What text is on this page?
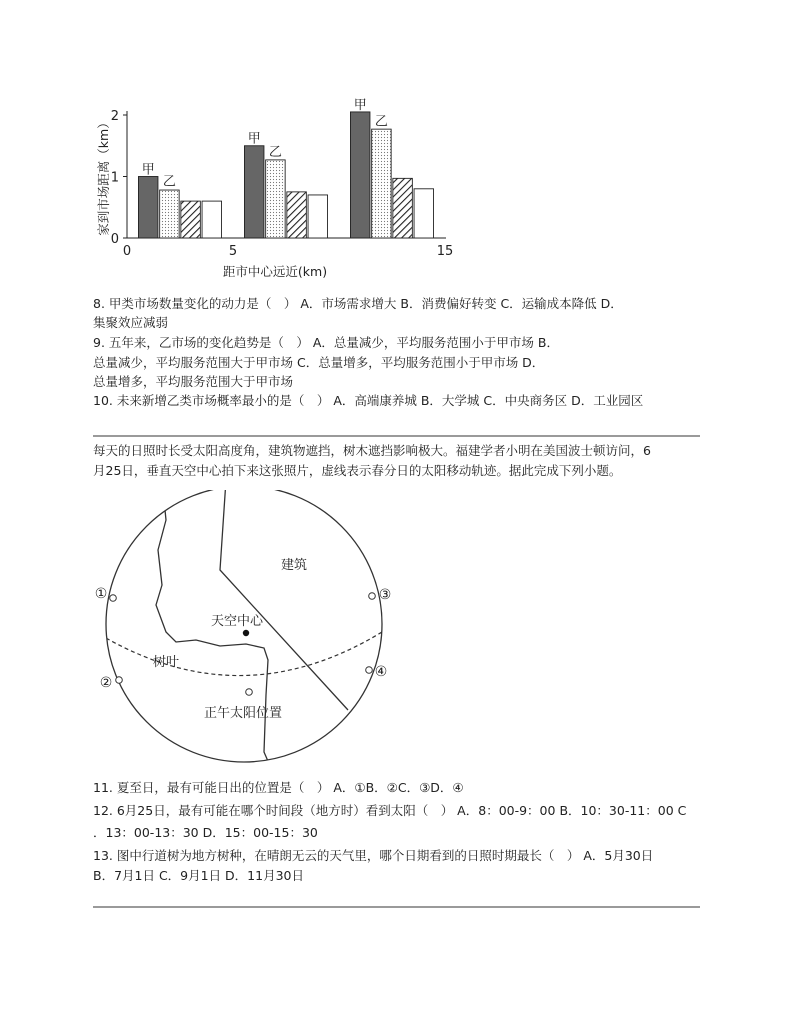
家到市场距离（km）
0
1
2
0	5	15
甲
乙
甲
乙
甲
乙
距市中心远近(km)
8. 甲类市场数量变化的动力是（　） A．市场需求增大 B．消费偏好转变 C．运输成本降低 D．
集聚效应减弱
9. 五年来，乙市场的变化趋势是（　） A．总量减少，平均服务范围小于甲市场 B．
总量减少，平均服务范围大于甲市场 C．总量增多，平均服务范围小于甲市场 D．
总量增多，平均服务范围大于甲市场
10. 未来新增乙类市场概率最小的是（　） A．高端康养城 B．大学城 C．中央商务区 D．工业园区
每天的日照时长受太阳高度角，建筑物遮挡，树木遮挡影响极大。福建学者小明在美国波士顿访问，6
月25日，垂直天空中心拍下来这张照片，虚线表示春分日的太阳移动轨迹。据此完成下列小题。
建筑
天空中心
树叶
正午太阳位置
①
②
③
④
11. 夏至日，最有可能日出的位置是（　） A．①B．②C．③D．④
12. 6月25日，最有可能在哪个时间段（地方时）看到太阳（　） A．8：00-9：00 B．10：30-11：00 C
．13：00-13：30 D．15：00-15：30
13. 图中行道树为地方树种，在晴朗无云的天气里，哪个日期看到的日照时期最长（　） A．5月30日
B．7月1日 C．9月1日 D．11月30日
